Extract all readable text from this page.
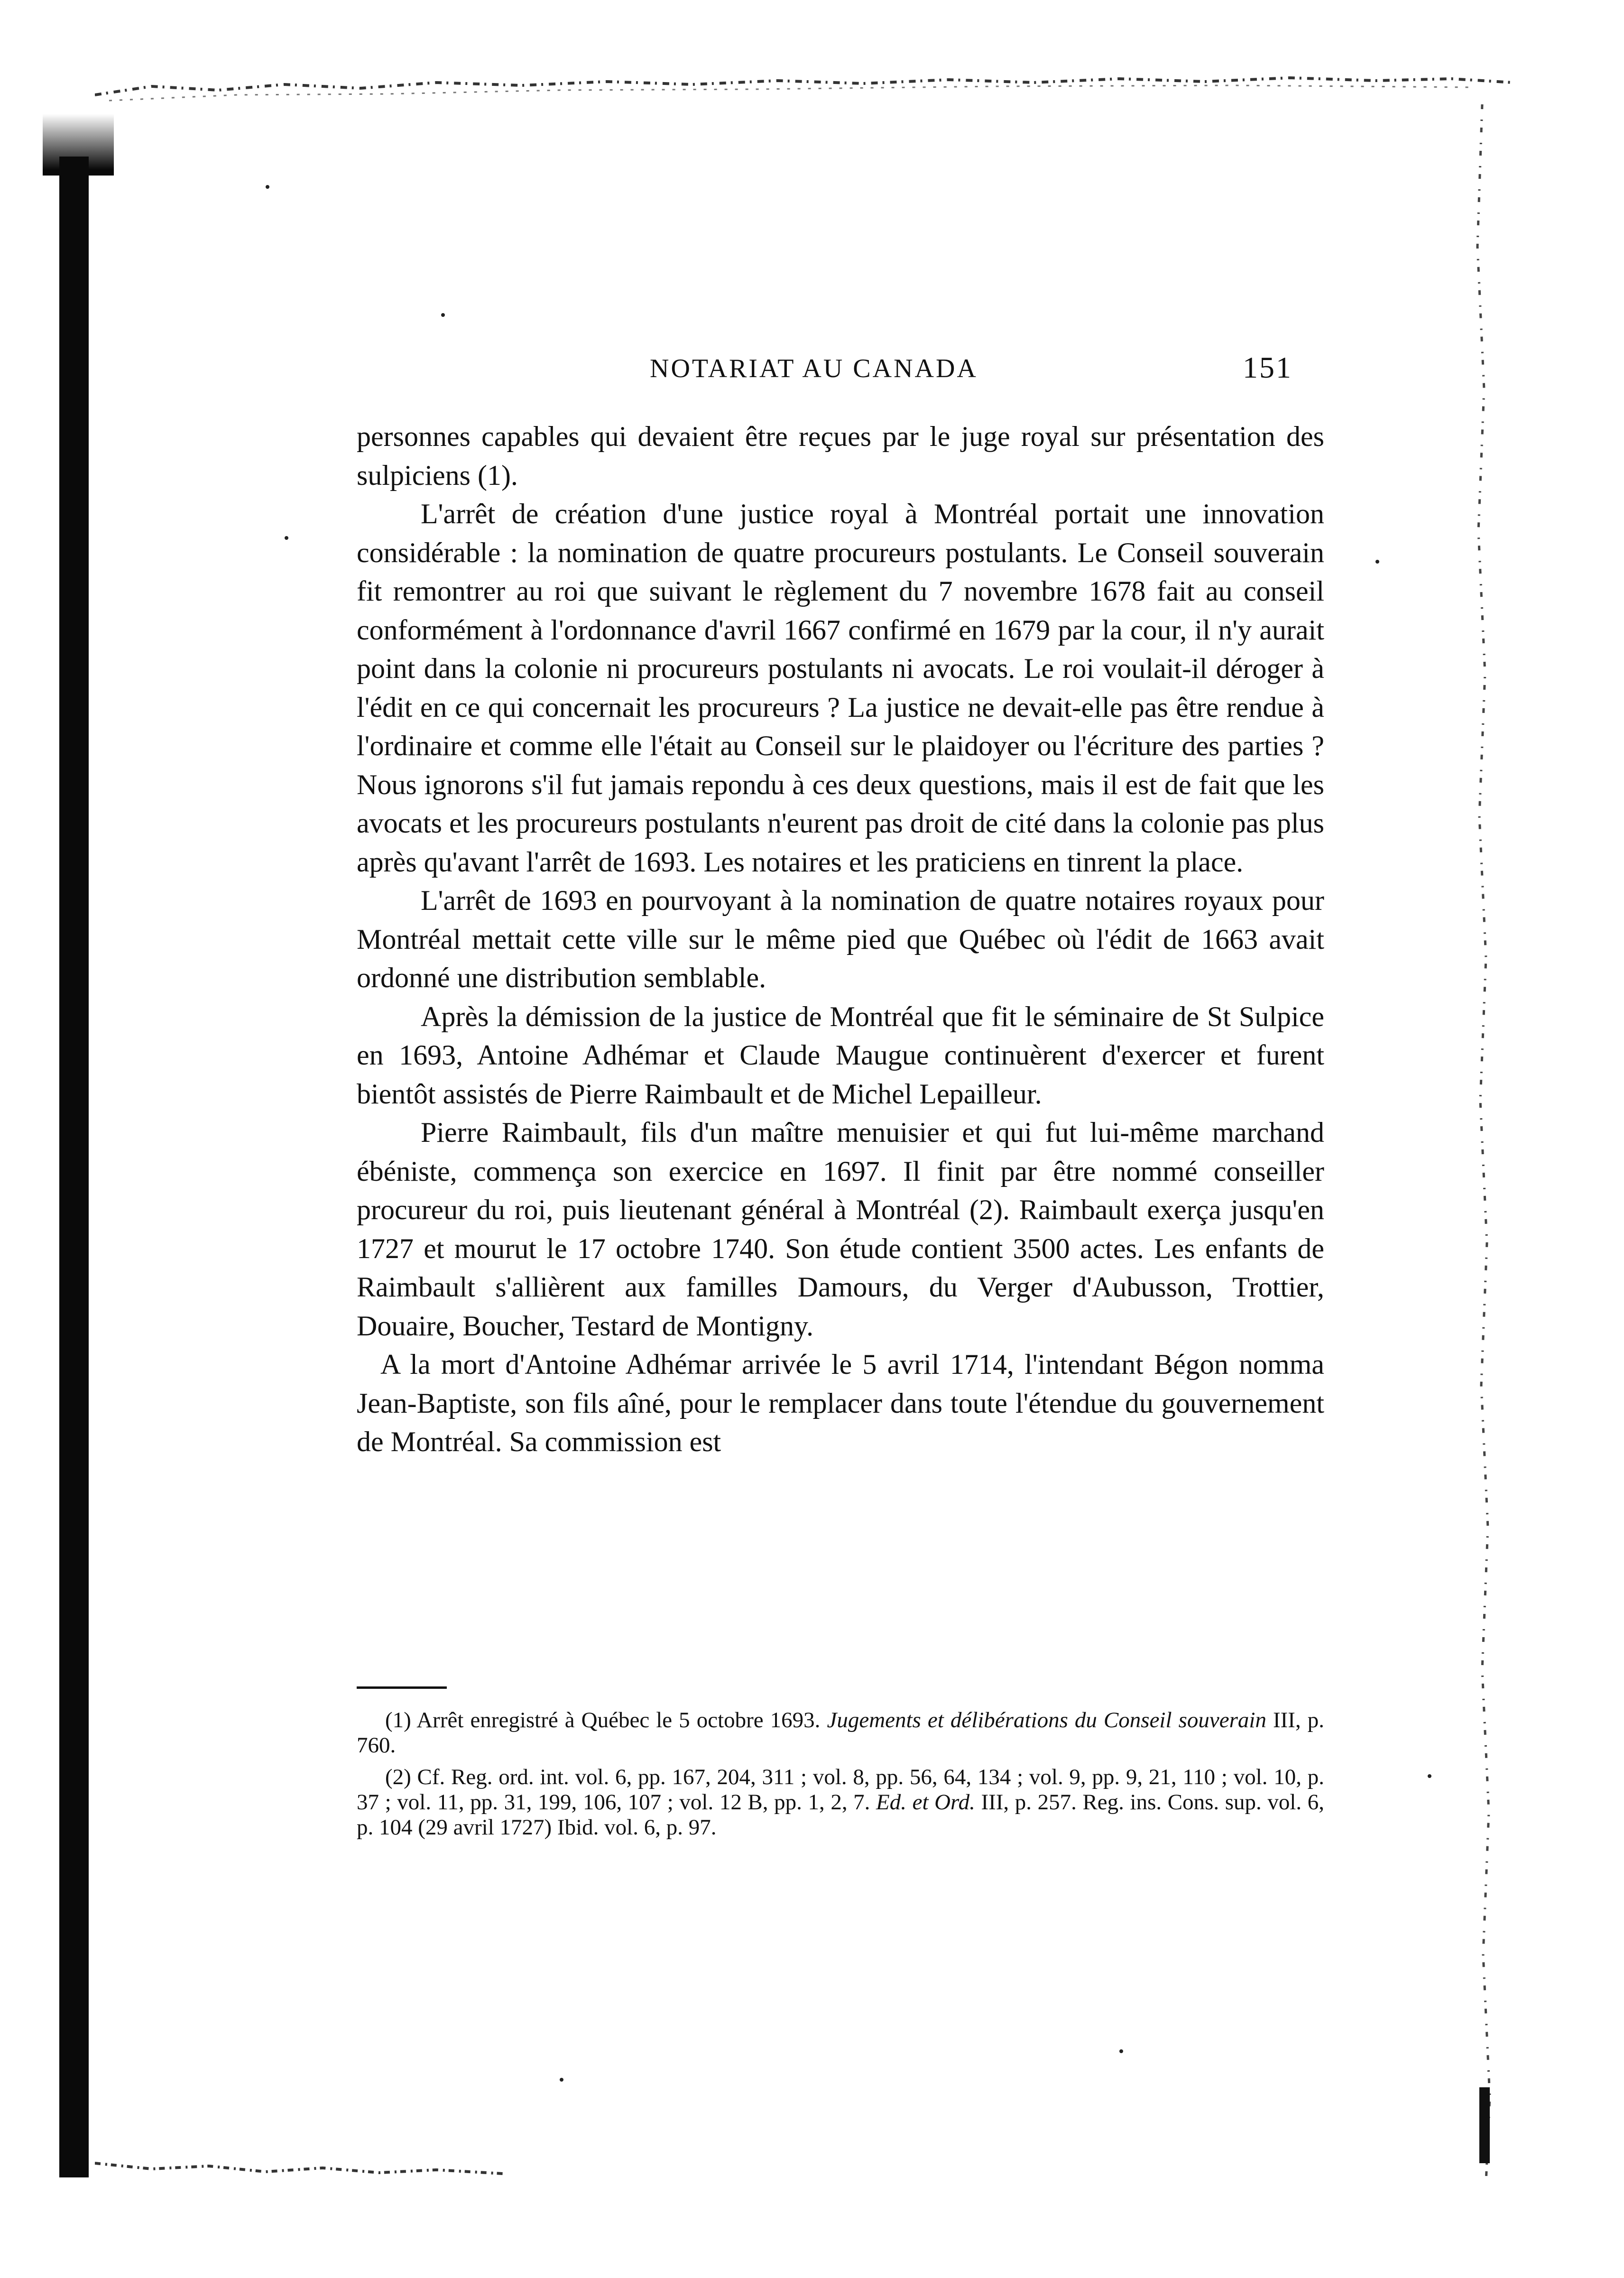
NOTARIAT AU CANADA	151

personnes capables qui devaient être reçues par le juge royal sur présentation des sulpiciens (1).

L'arrêt de création d'une justice royal à Montréal portait une innovation considérable : la nomination de quatre procureurs postulants. Le Conseil souverain fit remontrer au roi que suivant le règlement du 7 novembre 1678 fait au conseil conformément à l'ordonnance d'avril 1667 confirmé en 1679 par la cour, il n'y aurait point dans la colonie ni procureurs postulants ni avocats. Le roi voulait-il déroger à l'édit en ce qui concernait les procureurs ? La justice ne devait-elle pas être rendue à l'ordinaire et comme elle l'était au Conseil sur le plaidoyer ou l'écriture des parties ? Nous ignorons s'il fut jamais repondu à ces deux questions, mais il est de fait que les avocats et les procureurs postulants n'eurent pas droit de cité dans la colonie pas plus après qu'avant l'arrêt de 1693. Les notaires et les praticiens en tinrent la place.

L'arrêt de 1693 en pourvoyant à la nomination de quatre notaires royaux pour Montréal mettait cette ville sur le même pied que Québec où l'édit de 1663 avait ordonné une distribution semblable.

Après la démission de la justice de Montréal que fit le séminaire de St Sulpice en 1693, Antoine Adhémar et Claude Maugue continuèrent d'exercer et furent bientôt assistés de Pierre Raimbault et de Michel Lepailleur.

Pierre Raimbault, fils d'un maître menuisier et qui fut lui-même marchand ébéniste, commença son exercice en 1697. Il finit par être nommé conseiller procureur du roi, puis lieutenant général à Montréal (2). Raimbault exerça jusqu'en 1727 et mourut le 17 octobre 1740. Son étude contient 3500 actes. Les enfants de Raimbault s'allièrent aux familles Damours, du Verger d'Aubusson, Trottier, Douaire, Boucher, Testard de Montigny.

A la mort d'Antoine Adhémar arrivée le 5 avril 1714, l'intendant Bégon nomma Jean-Baptiste, son fils aîné, pour le remplacer dans toute l'étendue du gouvernement de Montréal. Sa commission est

(1) Arrêt enregistré à Québec le 5 octobre 1693. Jugements et délibérations du Conseil souverain III, p. 760.

(2) Cf. Reg. ord. int. vol. 6, pp. 167, 204, 311 ; vol. 8, pp. 56, 64, 134 ; vol. 9, pp. 9, 21, 110 ; vol. 10, p. 37 ; vol. 11, pp. 31, 199, 106, 107 ; vol. 12 B, pp. 1, 2, 7. Ed. et Ord. III, p. 257. Reg. ins. Cons. sup. vol. 6, p. 104 (29 avril 1727) Ibid. vol. 6, p. 97.
